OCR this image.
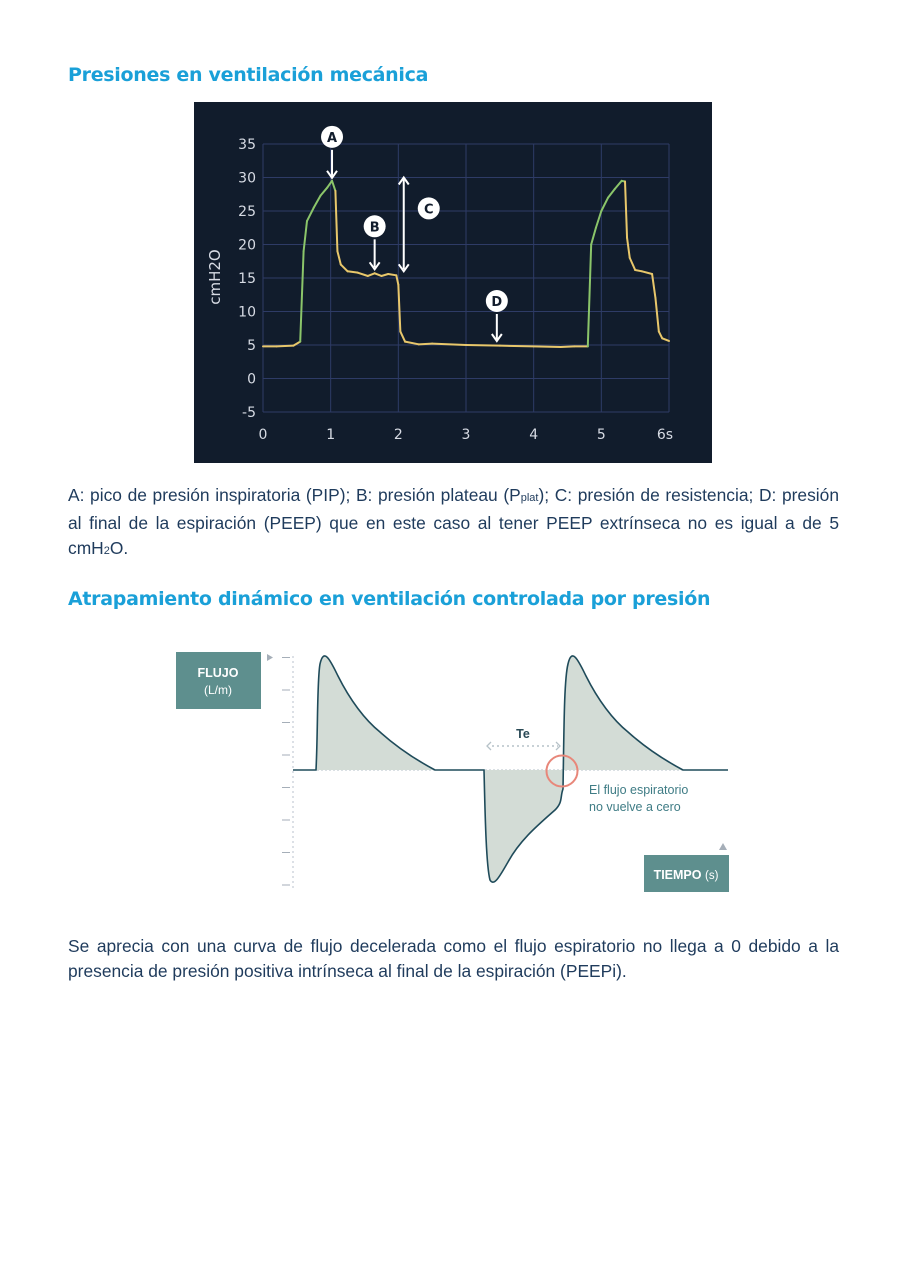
Presiones en ventilación mecánica
35
30
25
20
15
10
5
0
-5
0	1	2	3	4	5	6s
cmH2O
A
B
C
D

A: pico de presión inspiratoria (PIP); B: presión plateau (Pplat); C: presión de resistencia; D: presión al final de la espiración (PEEP) que en este caso al tener PEEP extrínseca no es igual a de 5 cmH2O.

Atrapamiento dinámico en ventilación controlada por presión
Te
El flujo espiratorio
no vuelve a cero
FLUJO
(L/m)
TIEMPO (s)

Se aprecia con una curva de flujo decelerada como el flujo espiratorio no llega a 0 debido a la presencia de presión positiva intrínseca al final de la espiración (PEEPi).
